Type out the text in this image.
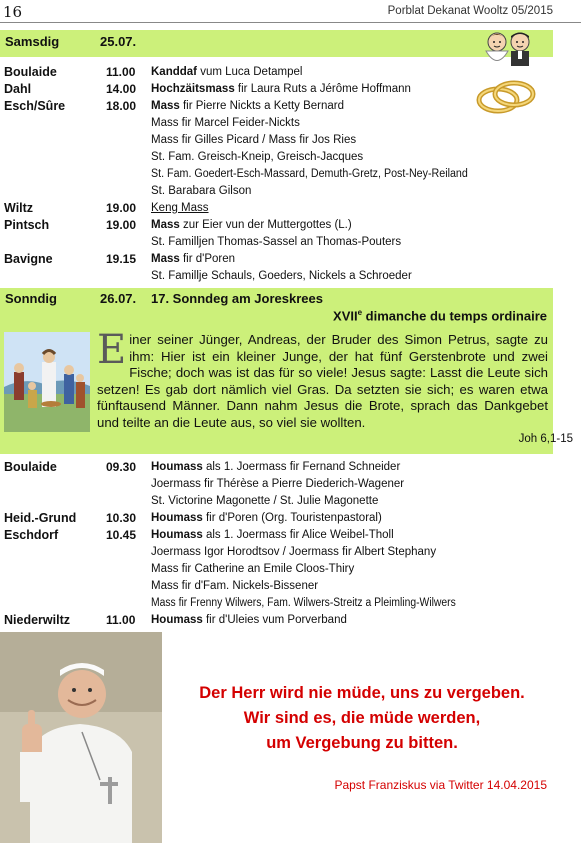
16	Porblat Dekanat Wooltz 05/2015
Samsdig	25.07.
Boulaide	11.00 Kanddaf vum Luca Detampel
Dahl	14.00 Hochzäitsmass fir Laura Ruts a Jérôme Hoffmann
Esch/Sûre	18.00 Mass fir Pierre Nickts a Ketty Bernard
Mass fir Marcel Feider-Nickts
Mass fir Gilles Picard / Mass fir Jos Ries
St. Fam. Greisch-Kneip, Greisch-Jacques
St. Fam. Goedert-Esch-Massard, Demuth-Gretz, Post-Ney-Reiland
St. Barabara Gilson
Wiltz	19.00 Keng Mass
Pintsch	19.00 Mass zur Eier vun der Muttergottes (L.)
St. Familljen Thomas-Sassel an Thomas-Pouters
Bavigne	19.15 Mass fir d'Poren
St. Famillje Schauls, Goeders, Nickels a Schroeder
Sonndig	26.07. 17. Sonndeg am Joreskrees
XVIIe dimanche du temps ordinaire
Einer seiner Jünger, Andreas, der Bruder des Simon Petrus, sagte zu ihm: Hier ist ein kleiner Junge, der hat fünf Gerstenbrote und zwei Fische; doch was ist das für so viele! Jesus sagte: Lasst die Leute sich setzen! Es gab dort nämlich viel Gras. Da setzten sie sich; es waren etwa fünftausend Männer. Dann nahm Jesus die Brote, sprach das Dankgebet und teilte an die Leute aus, so viel sie wollten.
Joh 6,1-15
Boulaide	09.30 Houmass als 1. Joermass fir Fernand Schneider
Joermass fir Thérèse a Pierre Diederich-Wagener
St. Victorine Magonette / St. Julie Magonette
Heid.-Grund 10.30 Houmass fir d'Poren (Org. Touristenpastoral)
Eschdorf	10.45 Houmass als 1. Joermass fir Alice Weibel-Tholl
Joermass Igor Horodtsov / Joermass fir Albert Stephany
Mass fir Catherine an Emile Cloos-Thiry
Mass fir d'Fam. Nickels-Bissener
Mass fir Frenny Wilwers, Fam. Wilwers-Streitz a Pleimling-Wilwers
Niederwiltz	11.00 Houmass fir d'Uleies vum Porverband
Der Herr wird nie müde, uns zu vergeben.
Wir sind es, die müde werden,
um Vergebung zu bitten.
Papst Franziskus via Twitter 14.04.2015
